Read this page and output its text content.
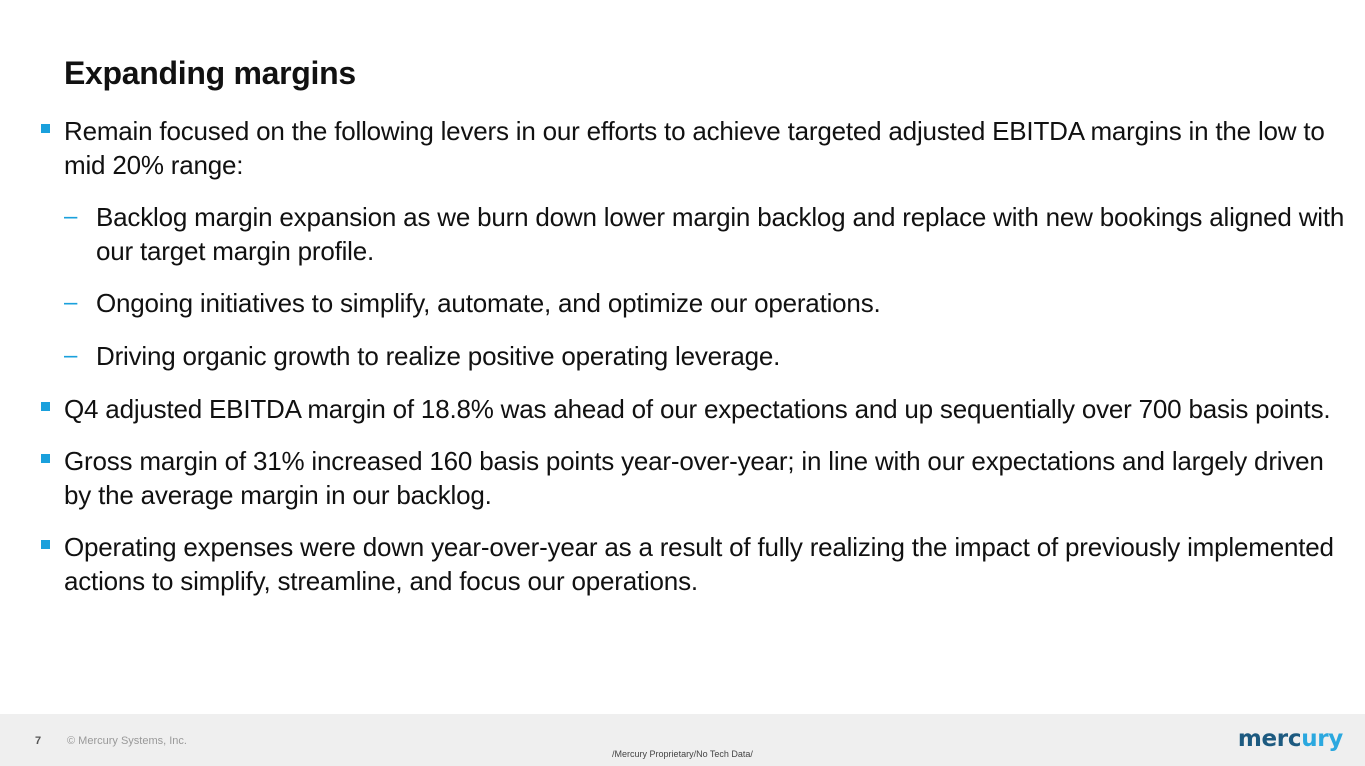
Expanding margins
Remain focused on the following levers in our efforts to achieve targeted adjusted EBITDA margins in the low to mid 20% range:
– Backlog margin expansion as we burn down lower margin backlog and replace with new bookings aligned with our target margin profile.
– Ongoing initiatives to simplify, automate, and optimize our operations.
– Driving organic growth to realize positive operating leverage.
Q4 adjusted EBITDA margin of 18.8% was ahead of our expectations and up sequentially over 700 basis points.
Gross margin of 31% increased 160 basis points year-over-year; in line with our expectations and largely driven by the average margin in our backlog.
Operating expenses were down year-over-year as a result of fully realizing the impact of previously implemented actions to simplify, streamline, and focus our operations.
7 © Mercury Systems, Inc.
/Mercury Proprietary/No Tech Data/
mercury
